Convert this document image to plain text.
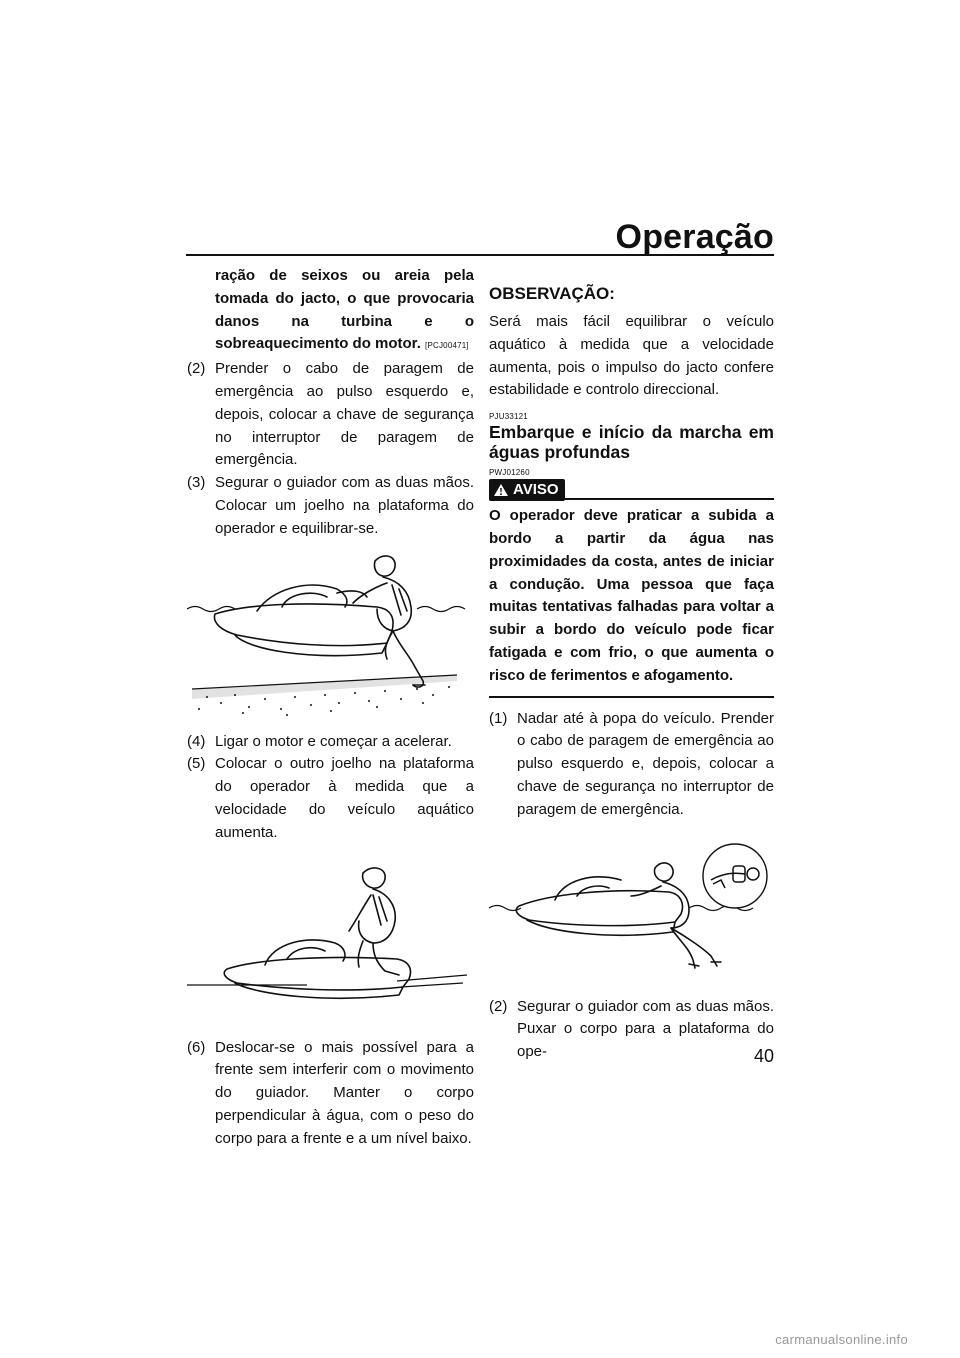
Operação

ração de seixos ou areia pela tomada do jacto, o que provocaria danos na turbina e o sobreaquecimento do motor. [PCJ00471]

(2) Prender o cabo de paragem de emergência ao pulso esquerdo e, depois, colocar a chave de segurança no interruptor de paragem de emergência.
(3) Segurar o guiador com as duas mãos. Colocar um joelho na plataforma do operador e equilibrar-se.
(4) Ligar o motor e começar a acelerar.
(5) Colocar o outro joelho na plataforma do operador à medida que a velocidade do veículo aquático aumenta.
(6) Deslocar-se o mais possível para a frente sem interferir com o movimento do guiador. Manter o corpo perpendicular à água, com o peso do corpo para a frente e a um nível baixo.

OBSERVAÇÃO:

Será mais fácil equilibrar o veículo aquático à medida que a velocidade aumenta, pois o impulso do jacto confere estabilidade e controlo direccional.

PJU33121

Embarque e início da marcha em águas profundas

PWJ01260

AVISO

O operador deve praticar a subida a bordo a partir da água nas proximidades da costa, antes de iniciar a condução. Uma pessoa que faça muitas tentativas falhadas para voltar a subir a bordo do veículo pode ficar fatigada e com frio, o que aumenta o risco de ferimentos e afogamento.

(1) Nadar até à popa do veículo. Prender o cabo de paragem de emergência ao pulso esquerdo e, depois, colocar a chave de segurança no interruptor de paragem de emergência.
(2) Segurar o guiador com as duas mãos. Puxar o corpo para a plataforma do ope-	40

carmanualsonline.info
